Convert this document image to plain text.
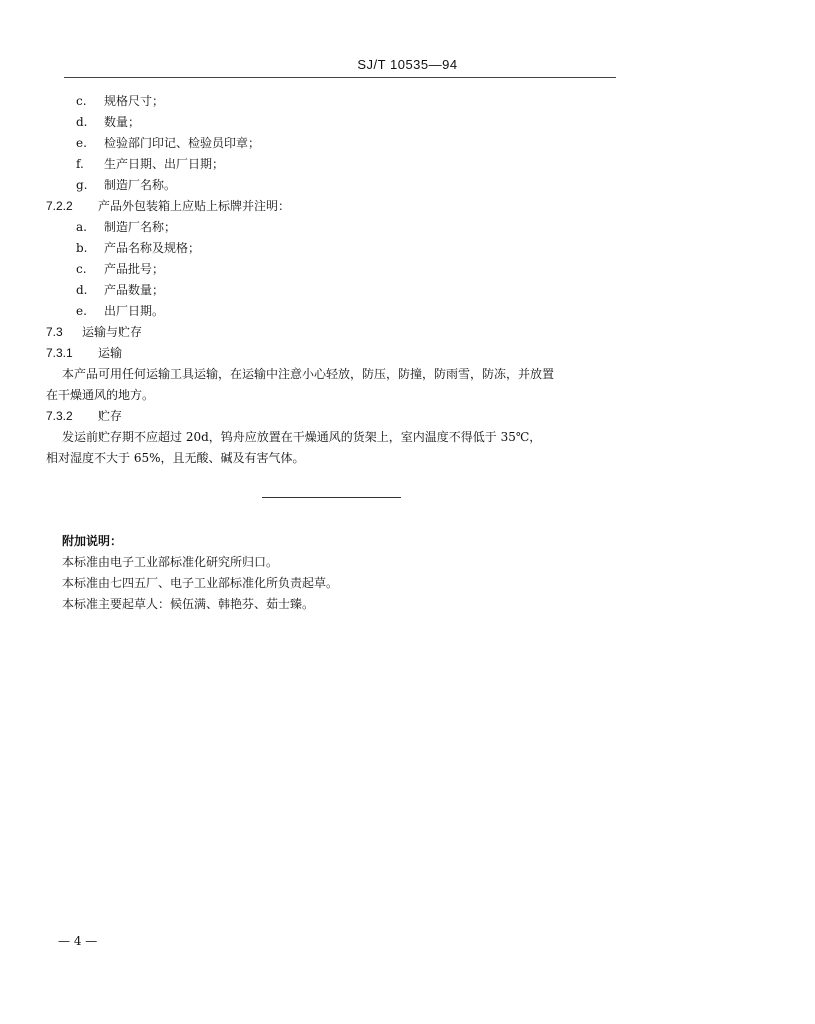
SJ/T 10535—94
c. 规格尺寸；
d. 数量；
e. 检验部门印记、检验员印章；
f. 生产日期、出厂日期；
g. 制造厂名称。
7.2.2 产品外包装箱上应贴上标牌并注明：
a. 制造厂名称；
b. 产品名称及规格；
c. 产品批号；
d. 产品数量；
e. 出厂日期。
7.3 运输与贮存
7.3.1 运输
本产品可用任何运输工具运输，在运输中注意小心轻放，防压，防撞，防雨雪，防冻，并放置
在干燥通风的地方。
7.3.2 贮存
发运前贮存期不应超过 20d，钨舟应放置在干燥通风的货架上，室内温度不得低于 35℃，
相对湿度不大于 65%，且无酸、碱及有害气体。
附加说明：
本标准由电子工业部标准化研究所归口。
本标准由七四五厂、电子工业部标准化所负责起草。
本标准主要起草人：候伍满、韩艳芬、茹士臻。
— 4 —
